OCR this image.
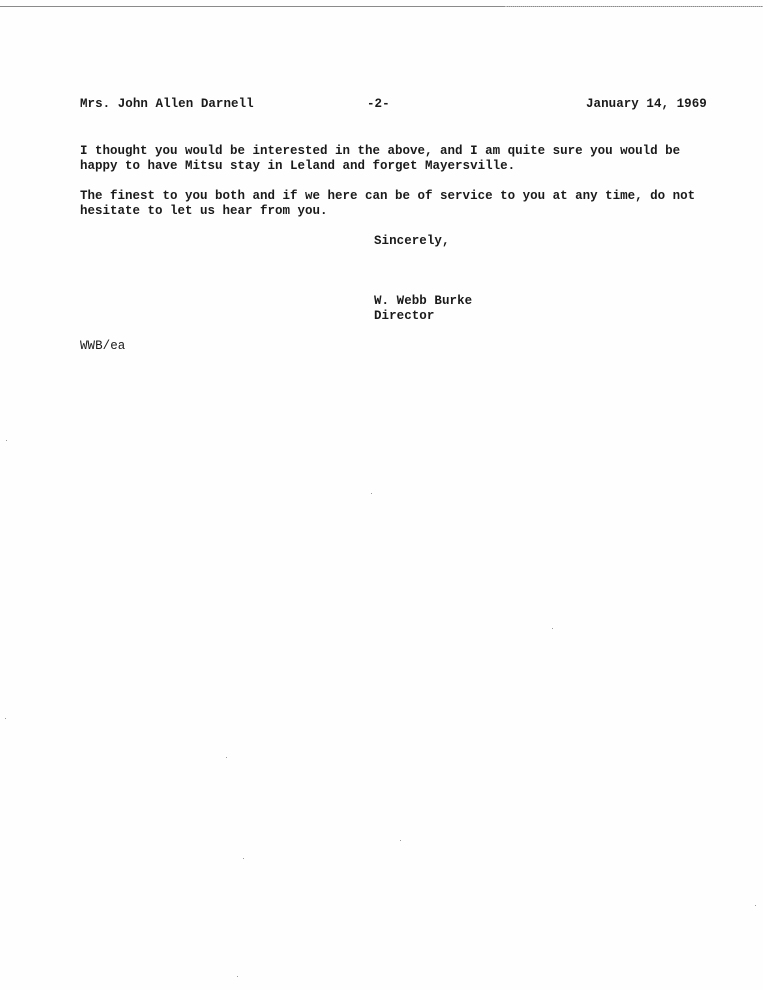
Mrs. John Allen Darnell	-2-	January 14, 1969

I thought you would be interested in the above, and I am quite sure you would be

happy to have Mitsu stay in Leland and forget Mayersville.

The finest to you both and if we here can be of service to you at any time, do not

hesitate to let us hear from you.

Sincerely,
W. Webb Burke
Director
WWB/ea
